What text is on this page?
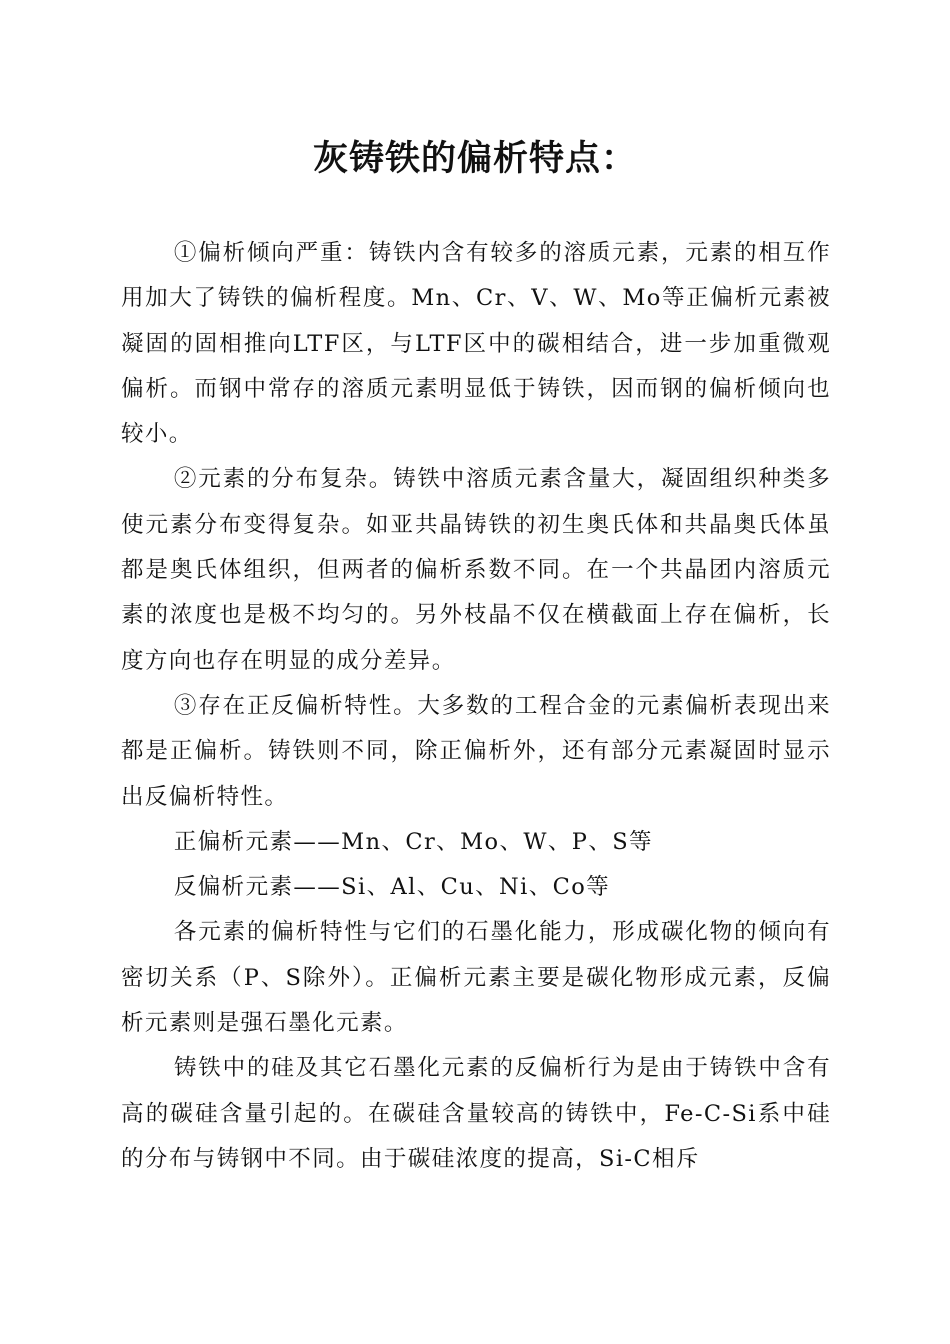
灰铸铁的偏析特点：

①偏析倾向严重：铸铁内含有较多的溶质元素，元素的相互作用加大了铸铁的偏析程度。Mn、Cr、V、W、Mo等正偏析元素被凝固的固相推向LTF区，与LTF区中的碳相结合，进一步加重微观偏析。而钢中常存的溶质元素明显低于铸铁，因而钢的偏析倾向也较小。

②元素的分布复杂。铸铁中溶质元素含量大，凝固组织种类多使元素分布变得复杂。如亚共晶铸铁的初生奥氏体和共晶奥氏体虽都是奥氏体组织，但两者的偏析系数不同。在一个共晶团内溶质元素的浓度也是极不均匀的。另外枝晶不仅在横截面上存在偏析，长度方向也存在明显的成分差异。

③存在正反偏析特性。大多数的工程合金的元素偏析表现出来都是正偏析。铸铁则不同，除正偏析外，还有部分元素凝固时显示出反偏析特性。

正偏析元素——Mn、Cr、Mo、W、P、S等

反偏析元素——Si、Al、Cu、Ni、Co等

各元素的偏析特性与它们的石墨化能力，形成碳化物的倾向有密切关系（P、S除外）。正偏析元素主要是碳化物形成元素，反偏析元素则是强石墨化元素。

铸铁中的硅及其它石墨化元素的反偏析行为是由于铸铁中含有高的碳硅含量引起的。在碳硅含量较高的铸铁中，Fe-C-Si系中硅的分布与铸钢中不同。由于碳硅浓度的提高，Si-C相斥
